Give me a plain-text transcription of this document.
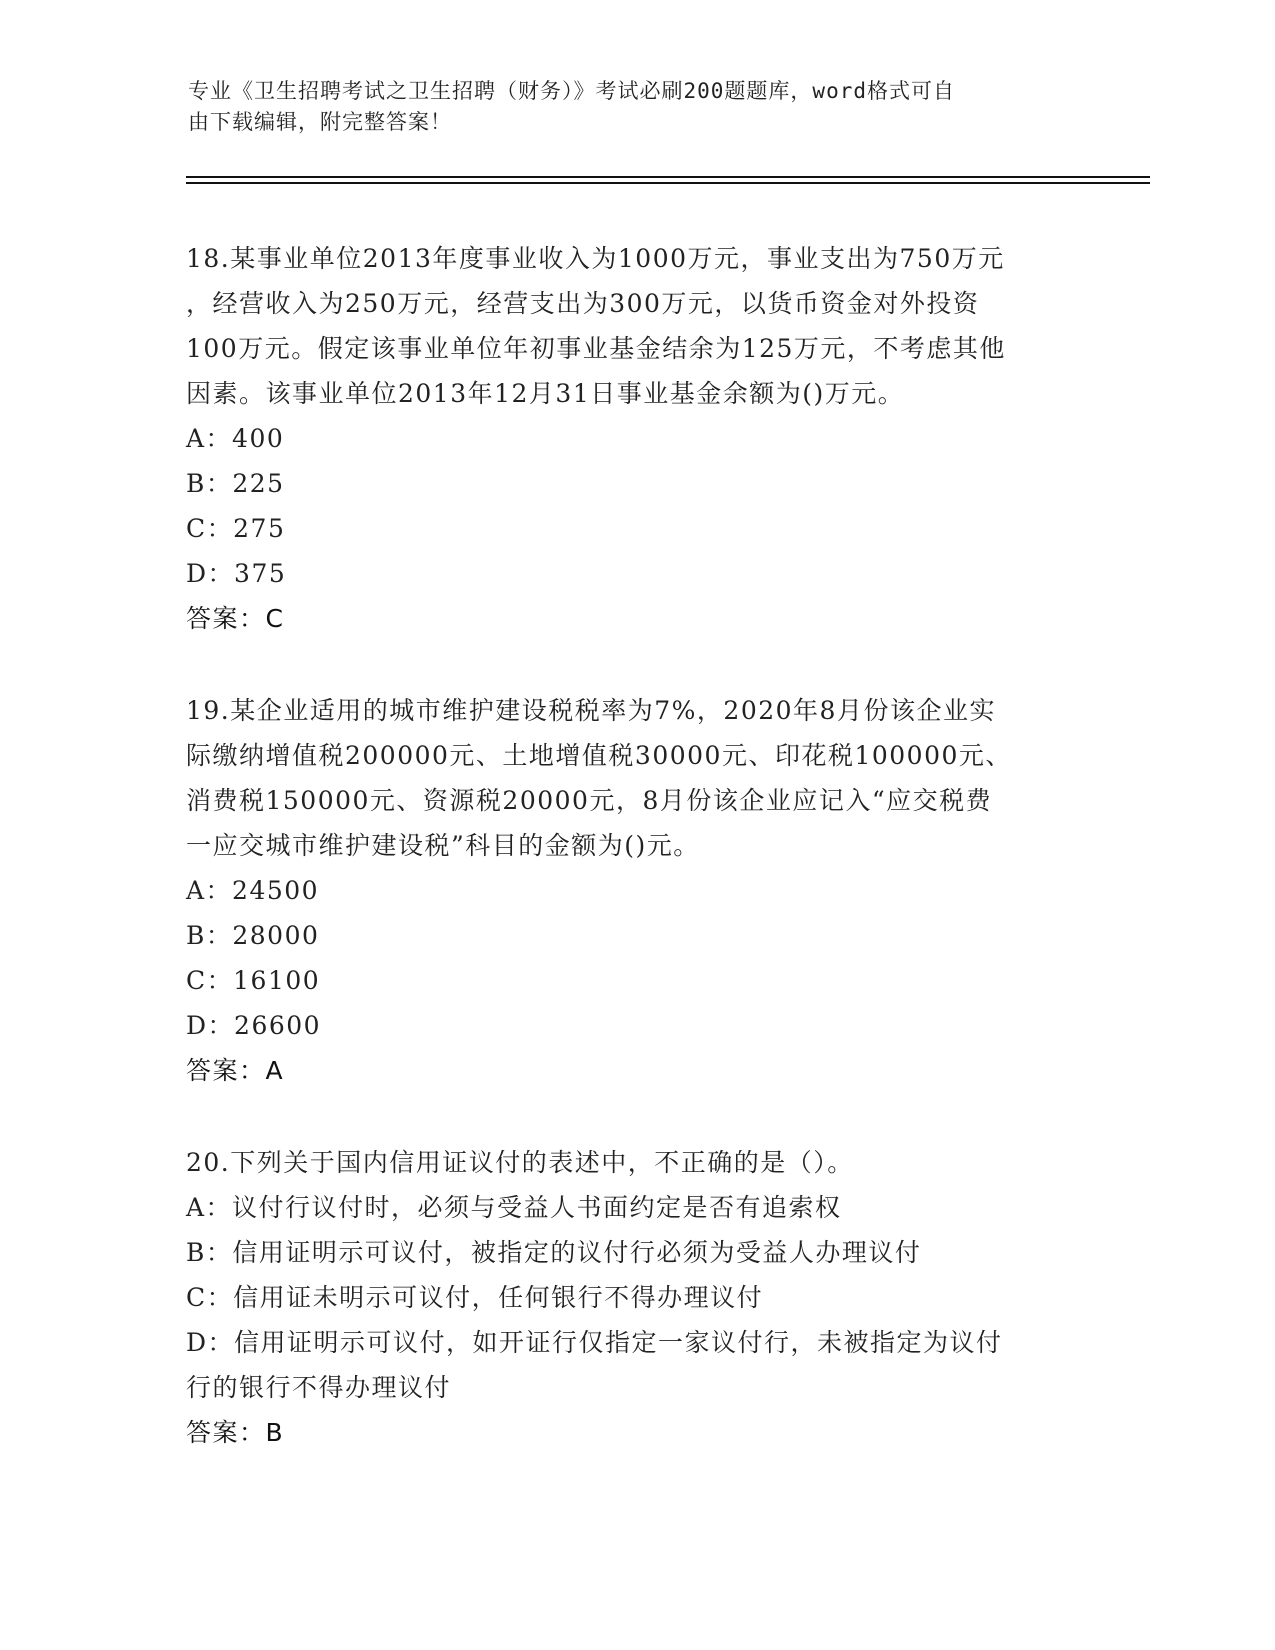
专业《卫生招聘考试之卫生招聘（财务）》考试必刷200题题库，word格式可自
由下载编辑，附完整答案！
18.某事业单位2013年度事业收入为1000万元，事业支出为750万元
，经营收入为250万元，经营支出为300万元，以货币资金对外投资
100万元。假定该事业单位年初事业基金结余为125万元，不考虑其他
因素。该事业单位2013年12月31日事业基金余额为()万元。
A：400
B：225
C：275
D：375
答案：C
19.某企业适用的城市维护建设税税率为7%，2020年8月份该企业实
际缴纳增值税200000元、土地增值税30000元、印花税100000元、
消费税150000元、资源税20000元，8月份该企业应记入“应交税费
一应交城市维护建设税”科目的金额为()元。
A：24500
B：28000
C：16100
D：26600
答案：A
20.下列关于国内信用证议付的表述中，不正确的是（）。
A：议付行议付时，必须与受益人书面约定是否有追索权
B：信用证明示可议付，被指定的议付行必须为受益人办理议付
C：信用证未明示可议付，任何银行不得办理议付
D：信用证明示可议付，如开证行仅指定一家议付行，未被指定为议付
行的银行不得办理议付
答案：B
